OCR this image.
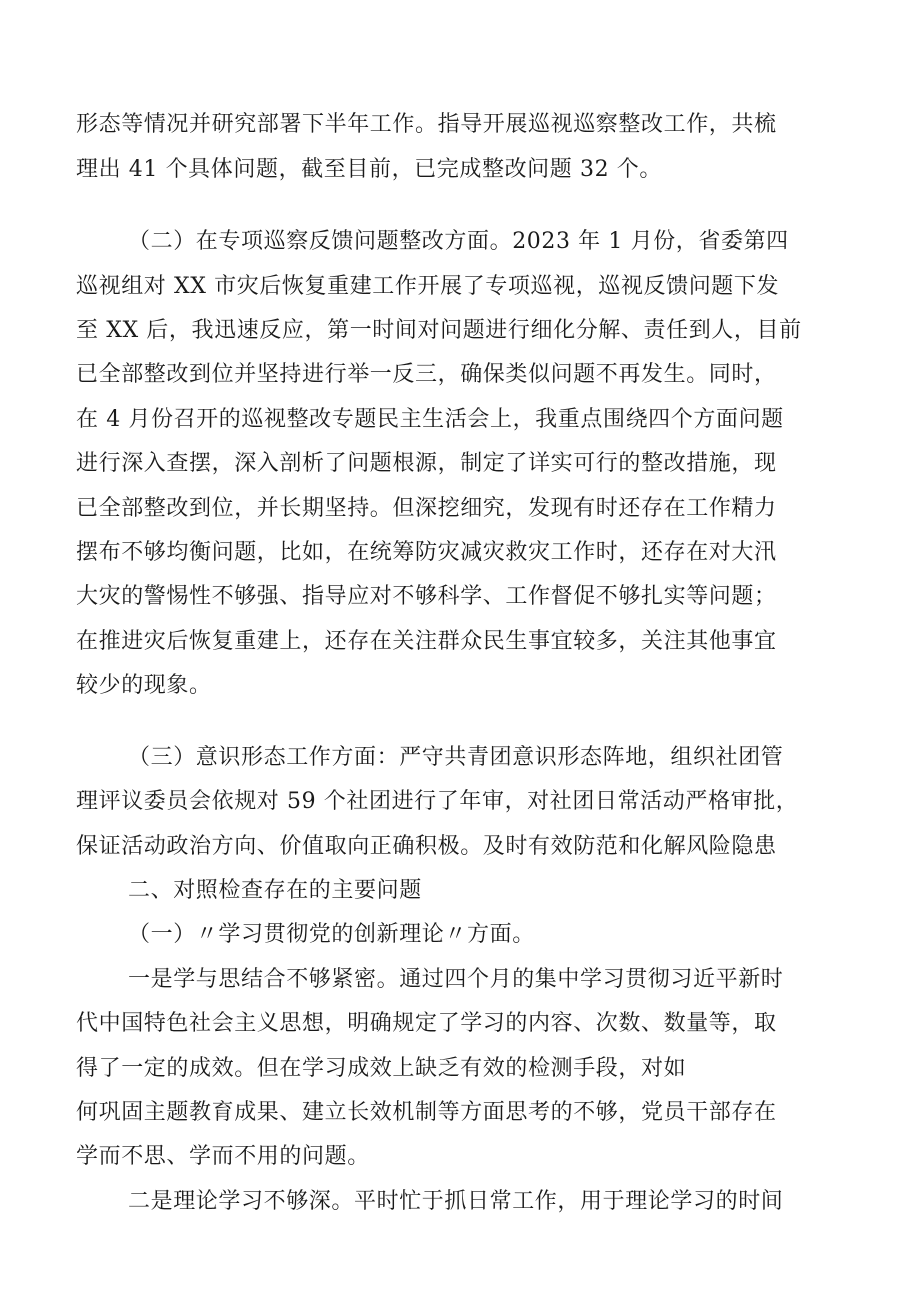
形态等情况并研究部署下半年工作。指导开展巡视巡察整改工作，共梳

理出 41 个具体问题，截至目前，已完成整改问题 32 个。

（二）在专项巡察反馈问题整改方面。2023 年 1 月份，省委第四

巡视组对 XX 市灾后恢复重建工作开展了专项巡视，巡视反馈问题下发

至 XX 后，我迅速反应，第一时间对问题进行细化分解、责任到人，目前

已全部整改到位并坚持进行举一反三，确保类似问题不再发生。同时，

在 4 月份召开的巡视整改专题民主生活会上，我重点围绕四个方面问题

进行深入查摆，深入剖析了问题根源，制定了详实可行的整改措施，现

已全部整改到位，并长期坚持。但深挖细究，发现有时还存在工作精力

摆布不够均衡问题，比如，在统筹防灾减灾救灾工作时，还存在对大汛

大灾的警惕性不够强、指导应对不够科学、工作督促不够扎实等问题；

在推进灾后恢复重建上，还存在关注群众民生事宜较多，关注其他事宜

较少的现象。

（三）意识形态工作方面：严守共青团意识形态阵地，组织社团管

理评议委员会依规对 59 个社团进行了年审，对社团日常活动严格审批，

保证活动政治方向、价值取向正确积极。及时有效防范和化解风险隐患

二、对照检查存在的主要问题

（一）〃学习贯彻党的创新理论〃方面。

一是学与思结合不够紧密。通过四个月的集中学习贯彻习近平新时

代中国特色社会主义思想，明确规定了学习的内容、次数、数量等，取

得了一定的成效。但在学习成效上缺乏有效的检测手段，对如

何巩固主题教育成果、建立长效机制等方面思考的不够，党员干部存在

学而不思、学而不用的问题。

二是理论学习不够深。平时忙于抓日常工作，用于理论学习的时间
